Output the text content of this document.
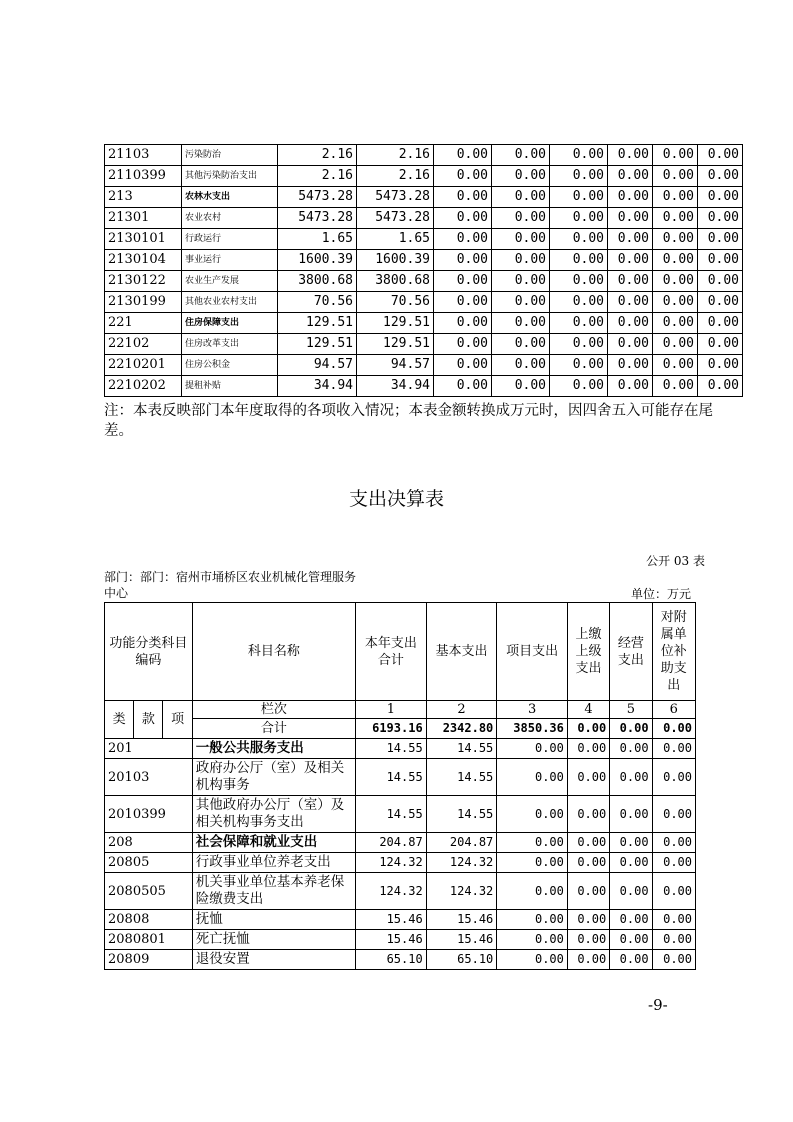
21103	污染防治	2.16	2.16	0.00	0.00	0.00	0.00	0.00	0.00
2110399	其他污染防治支出	2.16	2.16	0.00	0.00	0.00	0.00	0.00	0.00
213	农林水支出	5473.28	5473.28	0.00	0.00	0.00	0.00	0.00	0.00
21301	农业农村	5473.28	5473.28	0.00	0.00	0.00	0.00	0.00	0.00
2130101	行政运行	1.65	1.65	0.00	0.00	0.00	0.00	0.00	0.00
2130104	事业运行	1600.39	1600.39	0.00	0.00	0.00	0.00	0.00	0.00
2130122	农业生产发展	3800.68	3800.68	0.00	0.00	0.00	0.00	0.00	0.00
2130199	其他农业农村支出	70.56	70.56	0.00	0.00	0.00	0.00	0.00	0.00
221	住房保障支出	129.51	129.51	0.00	0.00	0.00	0.00	0.00	0.00
22102	住房改革支出	129.51	129.51	0.00	0.00	0.00	0.00	0.00	0.00
2210201	住房公积金	94.57	94.57	0.00	0.00	0.00	0.00	0.00	0.00
2210202	提租补贴	34.94	34.94	0.00	0.00	0.00	0.00	0.00	0.00
注：本表反映部门本年度取得的各项收入情况；本表金额转换成万元时，因四舍五入可能存在尾差。
支出决算表
公开 03 表
部门：部门：宿州市埇桥区农业机械化管理服务中心	单位：万元
功能分类科目编码			科目名称	本年支出合计	基本支出	项目支出	上缴上级支出	经营支出	对附属单位补助支出
类	款	项	栏次	1	2	3	4	5	6
			合计	6193.16	2342.80	3850.36	0.00	0.00	0.00
201			一般公共服务支出	14.55	14.55	0.00	0.00	0.00	0.00
20103			政府办公厅（室）及相关机构事务	14.55	14.55	0.00	0.00	0.00	0.00
2010399			其他政府办公厅（室）及相关机构事务支出	14.55	14.55	0.00	0.00	0.00	0.00
208			社会保障和就业支出	204.87	204.87	0.00	0.00	0.00	0.00
20805			行政事业单位养老支出	124.32	124.32	0.00	0.00	0.00	0.00
2080505			机关事业单位基本养老保险缴费支出	124.32	124.32	0.00	0.00	0.00	0.00
20808			抚恤	15.46	15.46	0.00	0.00	0.00	0.00
2080801			死亡抚恤	15.46	15.46	0.00	0.00	0.00	0.00
20809			退役安置	65.10	65.10	0.00	0.00	0.00	0.00
-9-
